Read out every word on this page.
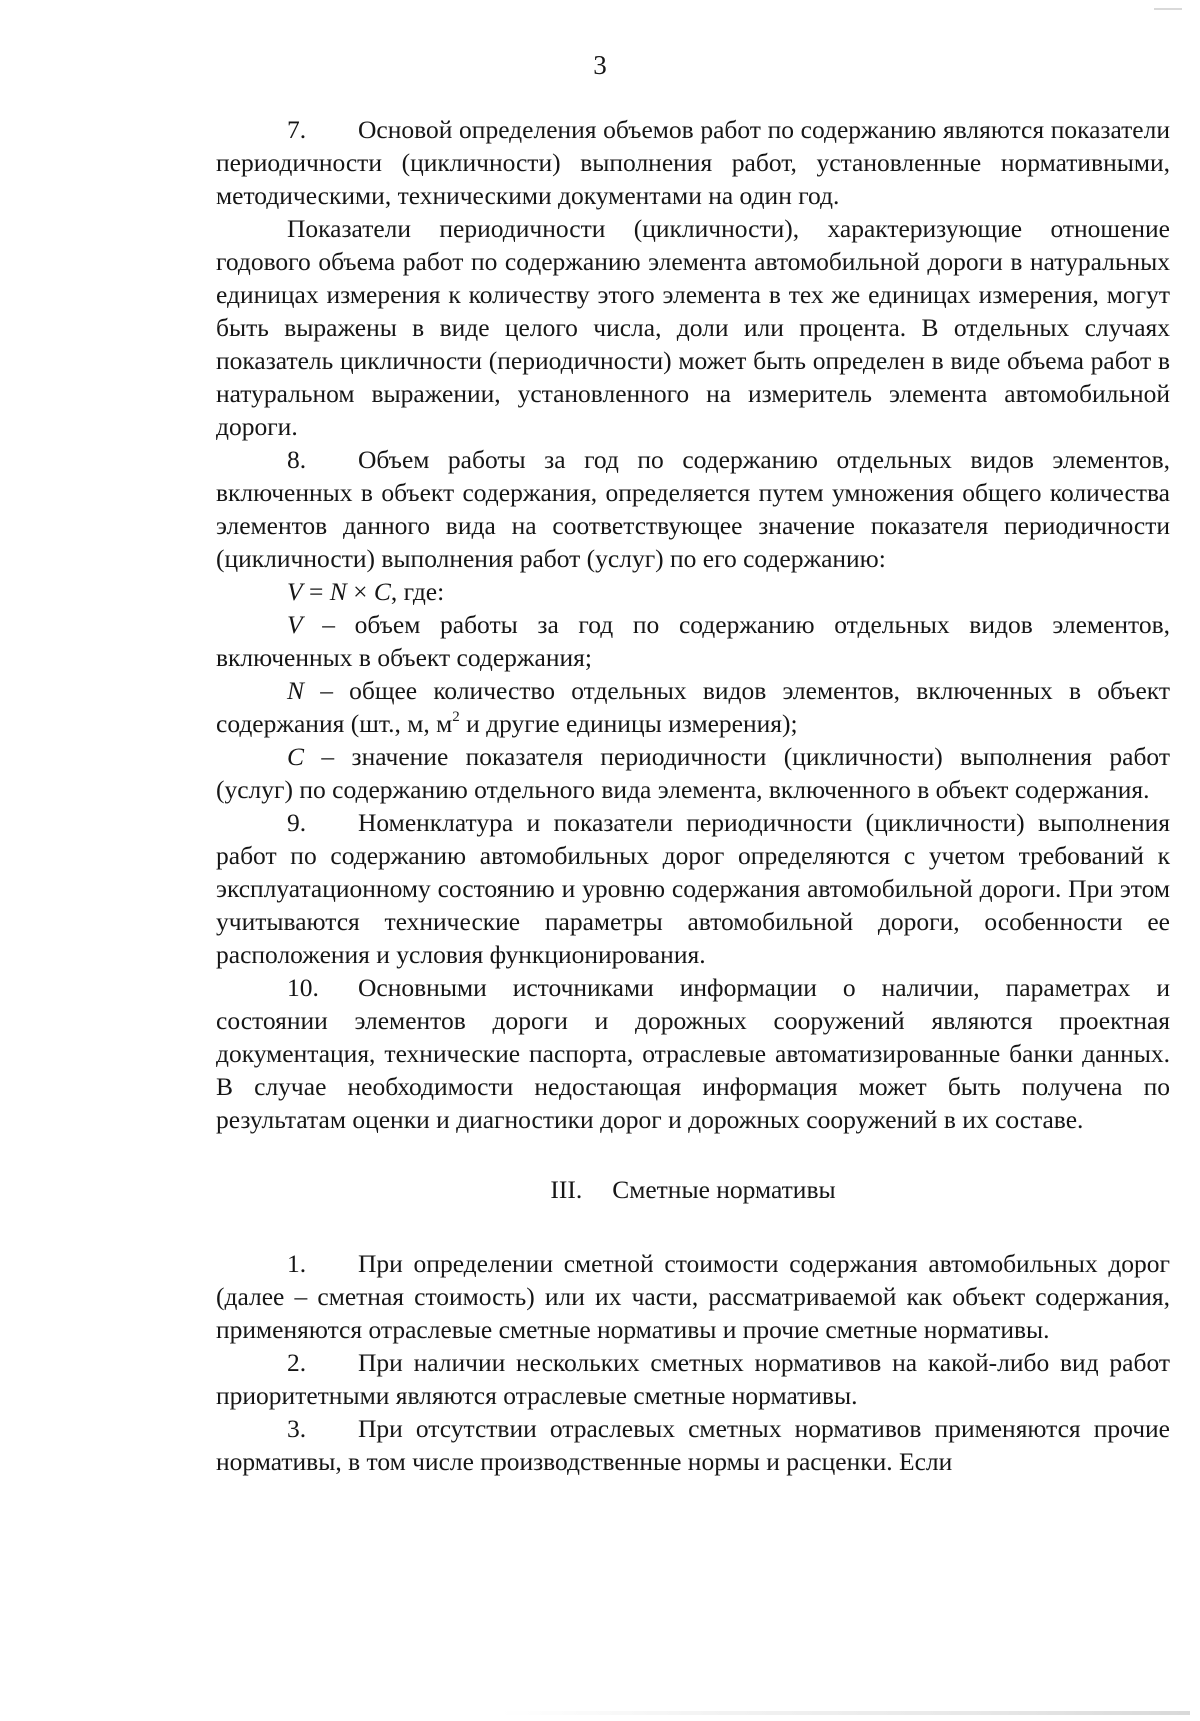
3

7. Основой определения объемов работ по содержанию являются показатели периодичности (цикличности) выполнения работ, установленные нормативными, методическими, техническими документами на один год.

Показатели периодичности (цикличности), характеризующие отношение годового объема работ по содержанию элемента автомобильной дороги в натуральных единицах измерения к количеству этого элемента в тех же единицах измерения, могут быть выражены в виде целого числа, доли или процента. В отдельных случаях показатель цикличности (периодичности) может быть определен в виде объема работ в натуральном выражении, установленного на измеритель элемента автомобильной дороги.

8. Объем работы за год по содержанию отдельных видов элементов, включенных в объект содержания, определяется путем умножения общего количества элементов данного вида на соответствующее значение показателя периодичности (цикличности) выполнения работ (услуг) по его содержанию:

V = N × C, где:

V – объем работы за год по содержанию отдельных видов элементов, включенных в объект содержания;

N – общее количество отдельных видов элементов, включенных в объект содержания (шт., м, $м^2$ и другие единицы измерения);

C – значение показателя периодичности (цикличности) выполнения работ (услуг) по содержанию отдельного вида элемента, включенного в объект содержания.

9. Номенклатура и показатели периодичности (цикличности) выполнения работ по содержанию автомобильных дорог определяются с учетом требований к эксплуатационному состоянию и уровню содержания автомобильной дороги. При этом учитываются технические параметры автомобильной дороги, особенности ее расположения и условия функционирования.

10. Основными источниками информации о наличии, параметрах и состоянии элементов дороги и дорожных сооружений являются проектная документация, технические паспорта, отраслевые автоматизированные банки данных. В случае необходимости недостающая информация может быть получена по результатам оценки и диагностики дорог и дорожных сооружений в их составе.

III. Сметные нормативы

1. При определении сметной стоимости содержания автомобильных дорог (далее – сметная стоимость) или их части, рассматриваемой как объект содержания, применяются отраслевые сметные нормативы и прочие сметные нормативы.

2. При наличии нескольких сметных нормативов на какой-либо вид работ приоритетными являются отраслевые сметные нормативы.

3. При отсутствии отраслевых сметных нормативов применяются прочие нормативы, в том числе производственные нормы и расценки. Если
